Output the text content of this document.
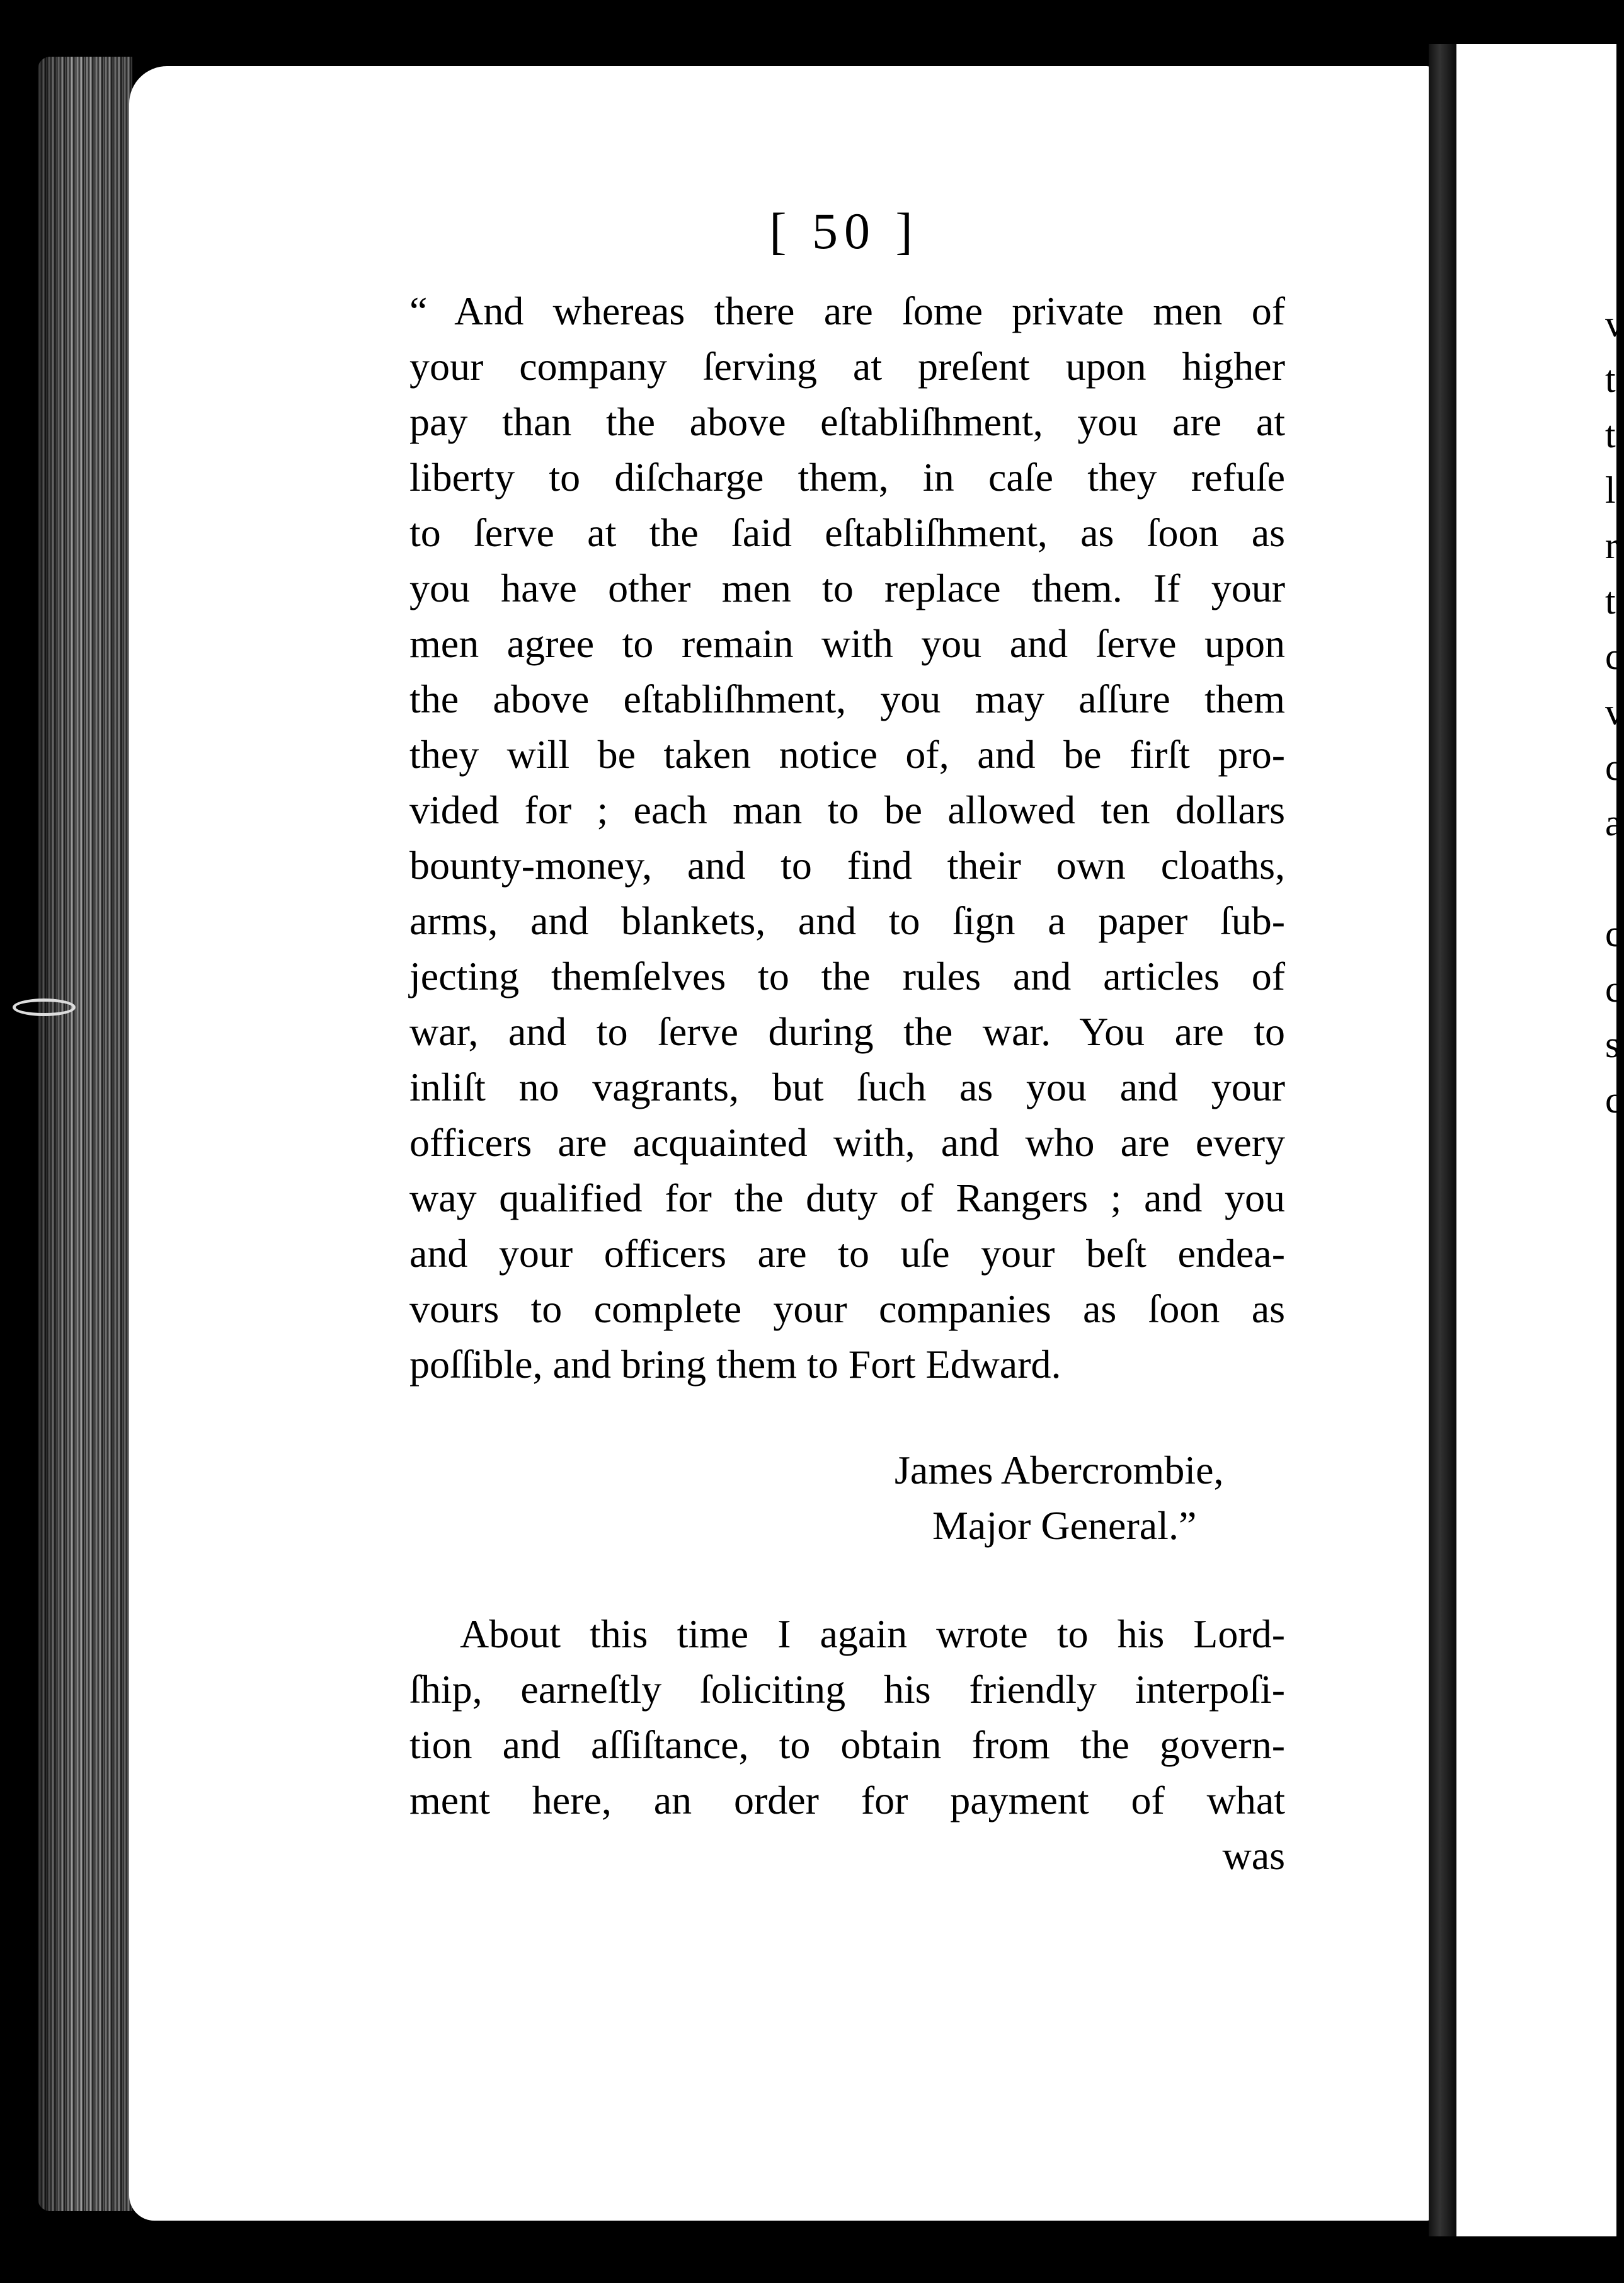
v
t
t
l
r
t
c
v
c
a
c
c
s
c
[ 50 ]
“ And whereas there are ſome private men of
your company ſerving at preſent upon higher
pay than the above eſtabliſhment, you are at
liberty to diſcharge them, in caſe they refuſe
to ſerve at the ſaid eſtabliſhment, as ſoon as
you have other men to replace them. If your
men agree to remain with you and ſerve upon
the above eſtabliſhment, you may aſſure them
they will be taken notice of, and be firſt pro-
vided for ; each man to be allowed ten dollars
bounty-money, and to find their own cloaths,
arms, and blankets, and to ſign a paper ſub-
jecting themſelves to the rules and articles of
war, and to ſerve during the war. You are to
inliſt no vagrants, but ſuch as you and your
officers are acquainted with, and who are every
way qualified for the duty of Rangers ; and you
and your officers are to uſe your beſt endea-
vours to complete your companies as ſoon as
poſſible, and bring them to Fort Edward.
James Abercrombie,
Major General.”
About this time I again wrote to his Lord-
ſhip, earneſtly ſoliciting his friendly interpoſi-
tion and aſſiſtance, to obtain from the govern-
ment here, an order for payment of what
was
